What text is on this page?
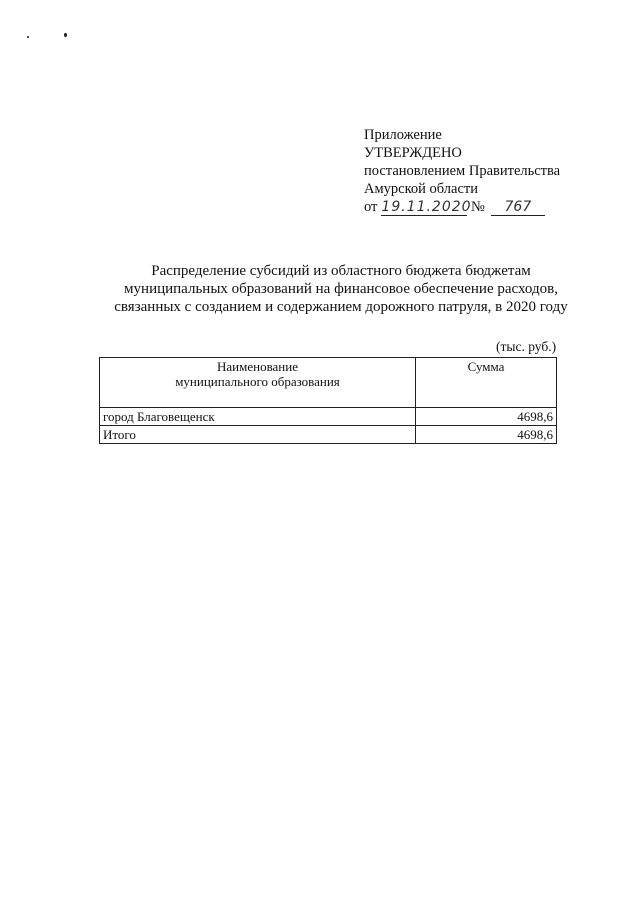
Приложение
УТВЕРЖДЕНО
постановлением Правительства
Амурской области
от 19.11.2020 № 767
Распределение субсидий из областного бюджета бюджетам муниципальных образований на финансовое обеспечение расходов, связанных с созданием и содержанием дорожного патруля, в 2020 году
(тыс. руб.)
Наименование
муниципального образования	Сумма
город Благовещенск	4698,6
Итого	4698,6
